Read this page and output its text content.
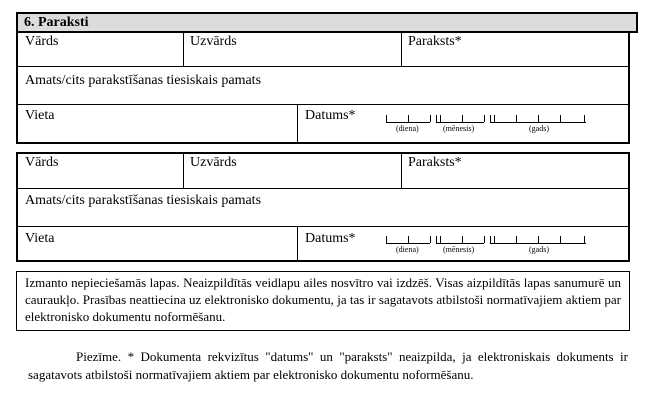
6. Paraksti
Vārds	Uzvārds	Paraksts*
Amats/cits parakstīšanas tiesiskais pamats
Vieta	Datums*
(diena)	(mēnesis)	(gads)
Vārds	Uzvārds	Paraksts*
Amats/cits parakstīšanas tiesiskais pamats
Vieta	Datums*
(diena)	(mēnesis)	(gads)
Izmanto nepieciešamās lapas. Neaizpildītās veidlapu ailes nosvītro vai izdzēš. Visas aizpildītās lapas sanumurē un cauraukļo. Prasības neattiecina uz elektronisko dokumentu, ja tas ir sagatavots atbilstoši normatīvajiem aktiem par elektronisko dokumentu noformēšanu.
Piezīme. * Dokumenta rekvizītus "datums" un "paraksts" neaizpilda, ja elektroniskais dokuments ir sagatavots atbilstoši normatīvajiem aktiem par elektronisko dokumentu noformēšanu.
